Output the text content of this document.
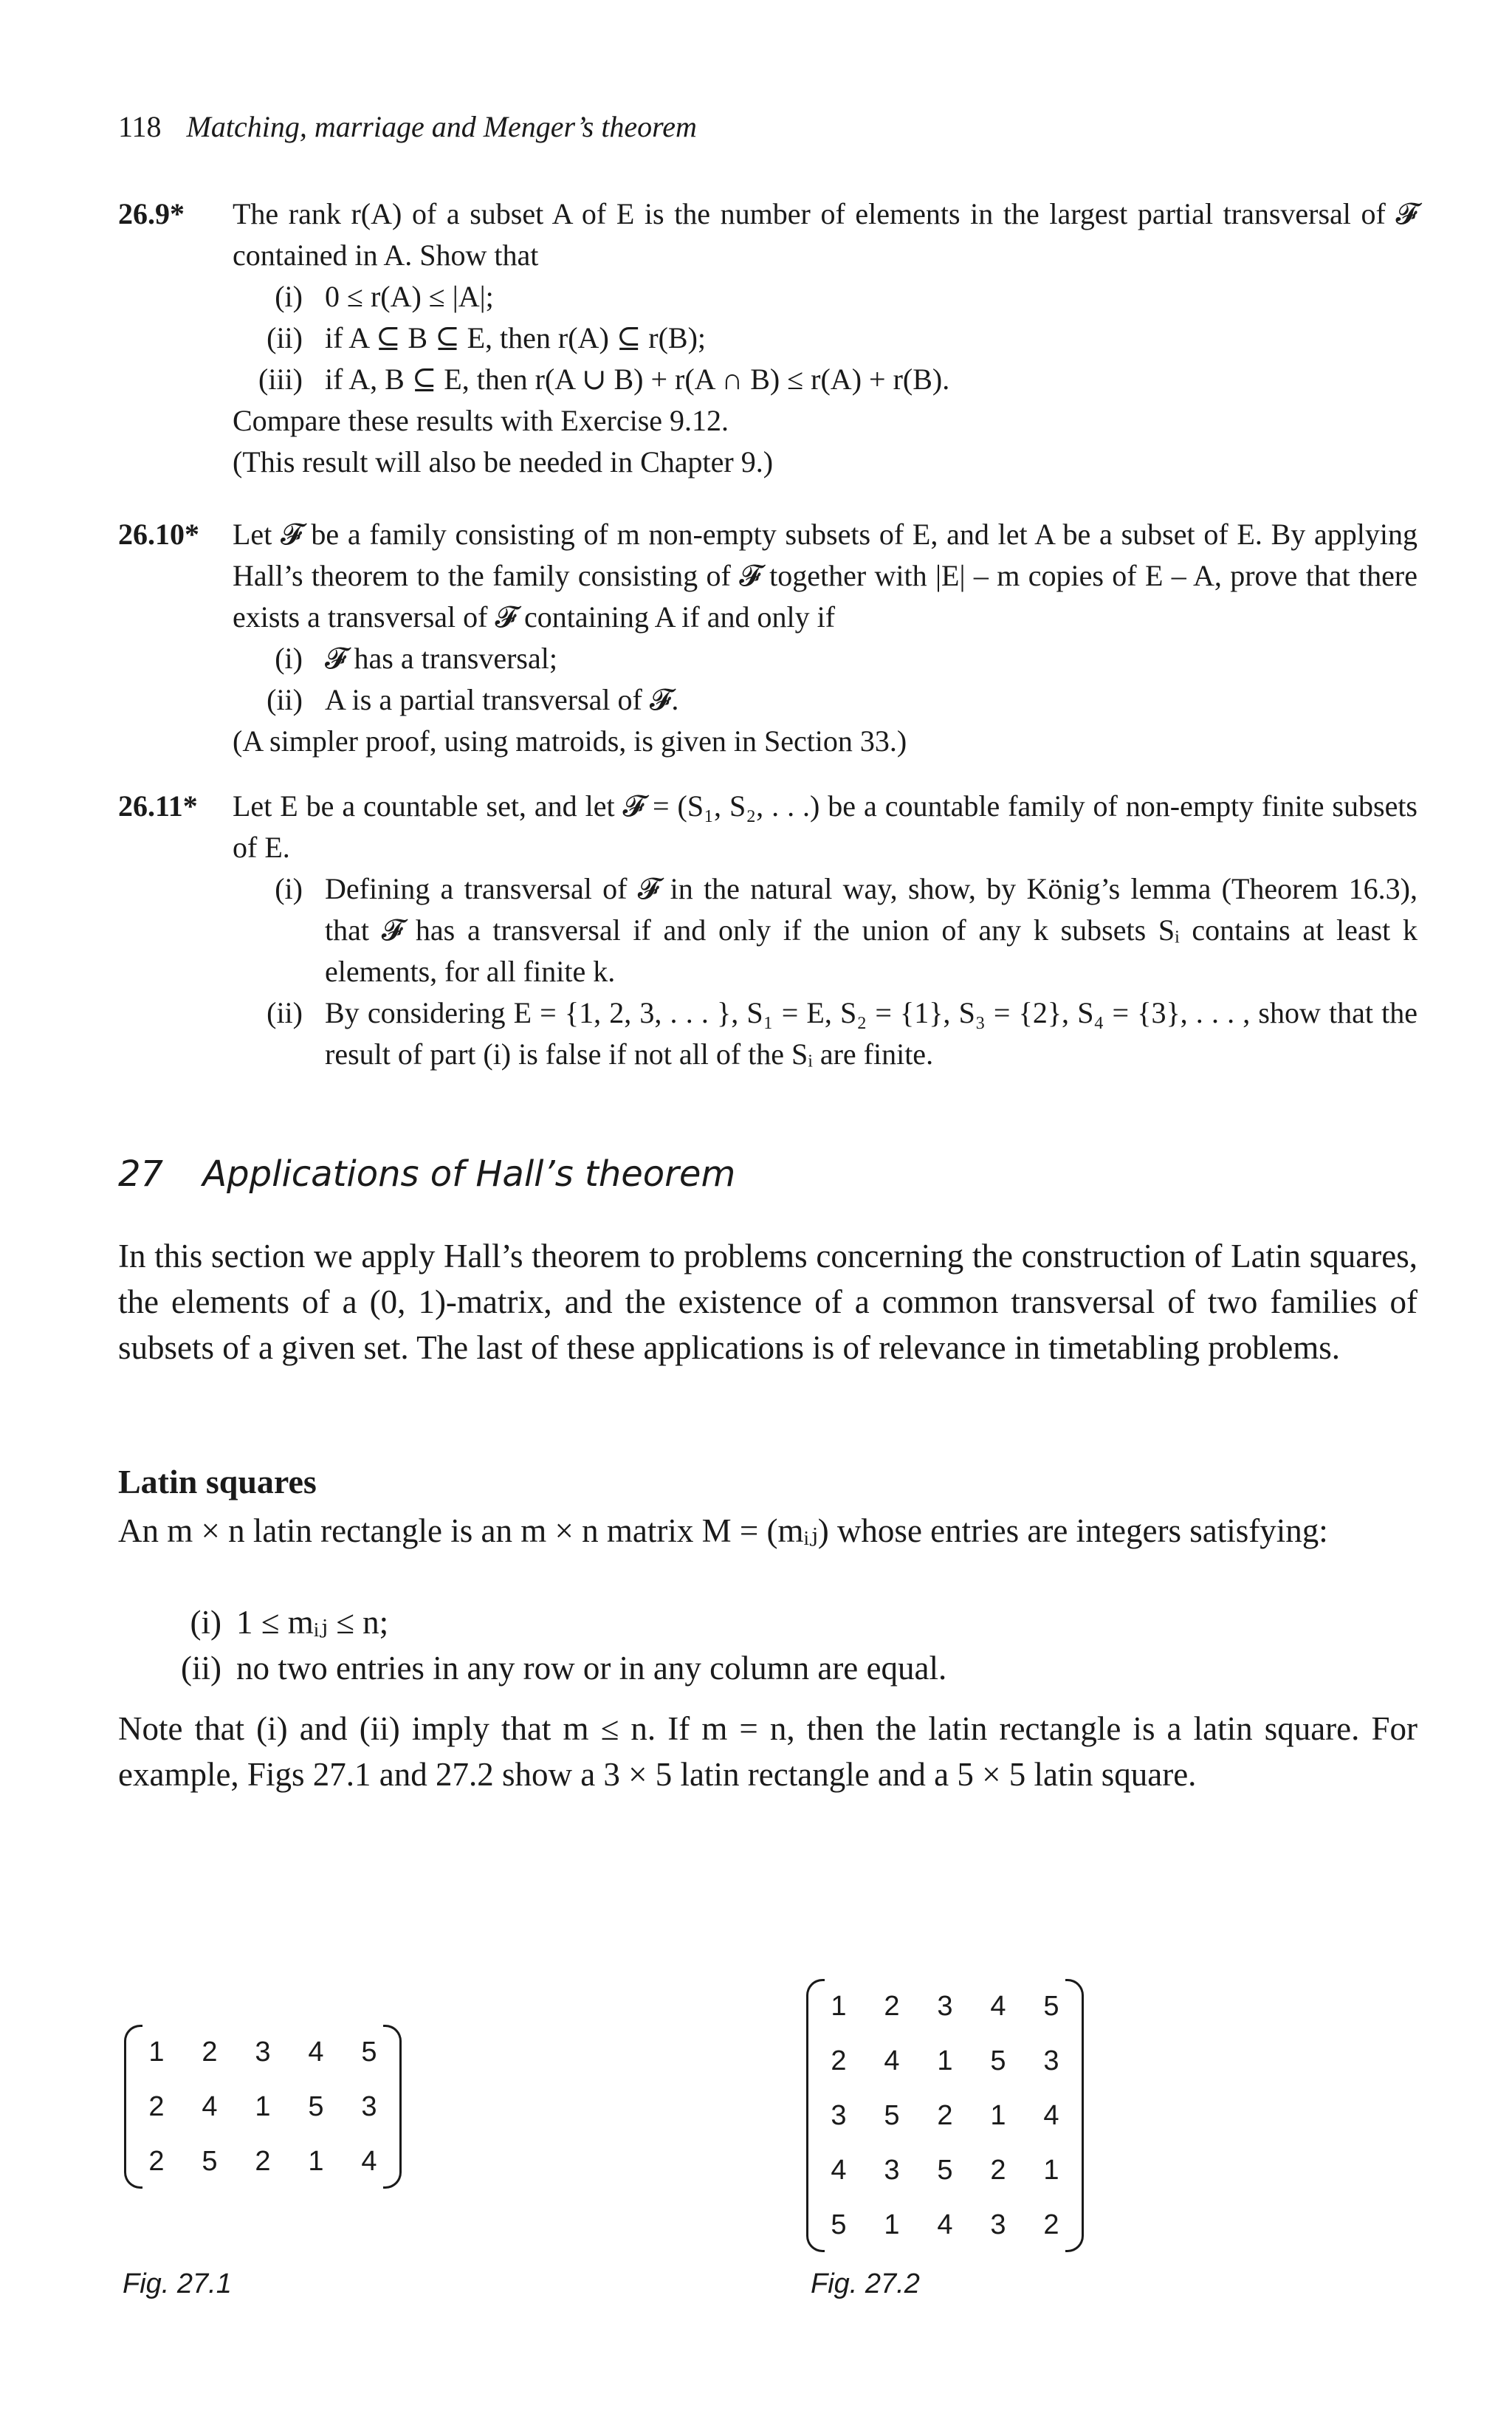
118 Matching, marriage and Menger’s theorem
26.9* The rank r(A) of a subset A of E is the number of elements in the largest partial transversal of 𝓕 contained in A. Show that
(i) 0 ≤ r(A) ≤ |A|;
(ii) if A ⊆ B ⊆ E, then r(A) ⊆ r(B);
(iii) if A, B ⊆ E, then r(A ∪ B) + r(A ∩ B) ≤ r(A) + r(B).
Compare these results with Exercise 9.12.
(This result will also be needed in Chapter 9.)
26.10* Let 𝓕 be a family consisting of m non-empty subsets of E, and let A be a subset of E. By applying Hall’s theorem to the family consisting of 𝓕 together with |E| – m copies of E – A, prove that there exists a transversal of 𝓕 containing A if and only if
(i) 𝓕 has a transversal;
(ii) A is a partial transversal of 𝓕.
(A simpler proof, using matroids, is given in Section 33.)
26.11* Let E be a countable set, and let 𝓕 = (S₁, S₂, . . .) be a countable family of non-empty finite subsets of E.
(i) Defining a transversal of 𝓕 in the natural way, show, by König’s lemma (Theorem 16.3), that 𝓕 has a transversal if and only if the union of any k subsets Sᵢ contains at least k elements, for all finite k.
(ii) By considering E = {1, 2, 3, . . . }, S₁ = E, S₂ = {1}, S₃ = {2}, S₄ = {3}, . . . , show that the result of part (i) is false if not all of the Sᵢ are finite.
27 Applications of Hall’s theorem
In this section we apply Hall’s theorem to problems concerning the construction of Latin squares, the elements of a (0, 1)-matrix, and the existence of a common transversal of two families of subsets of a given set. The last of these applications is of relevance in timetabling problems.
Latin squares
An m × n latin rectangle is an m × n matrix M = (mᵢⱼ) whose entries are integers satisfying:
(i) 1 ≤ mᵢⱼ ≤ n;
(ii) no two entries in any row or in any column are equal.
Note that (i) and (ii) imply that m ≤ n. If m = n, then the latin rectangle is a latin square. For example, Figs 27.1 and 27.2 show a 3 × 5 latin rectangle and a 5 × 5 latin square.
1	2	3	4	5
2	4	1	5	3
2	5	2	1	4
Fig. 27.1
1	2	3	4	5
2	4	1	5	3
3	5	2	1	4
4	3	5	2	1
5	1	4	3	2
Fig. 27.2
